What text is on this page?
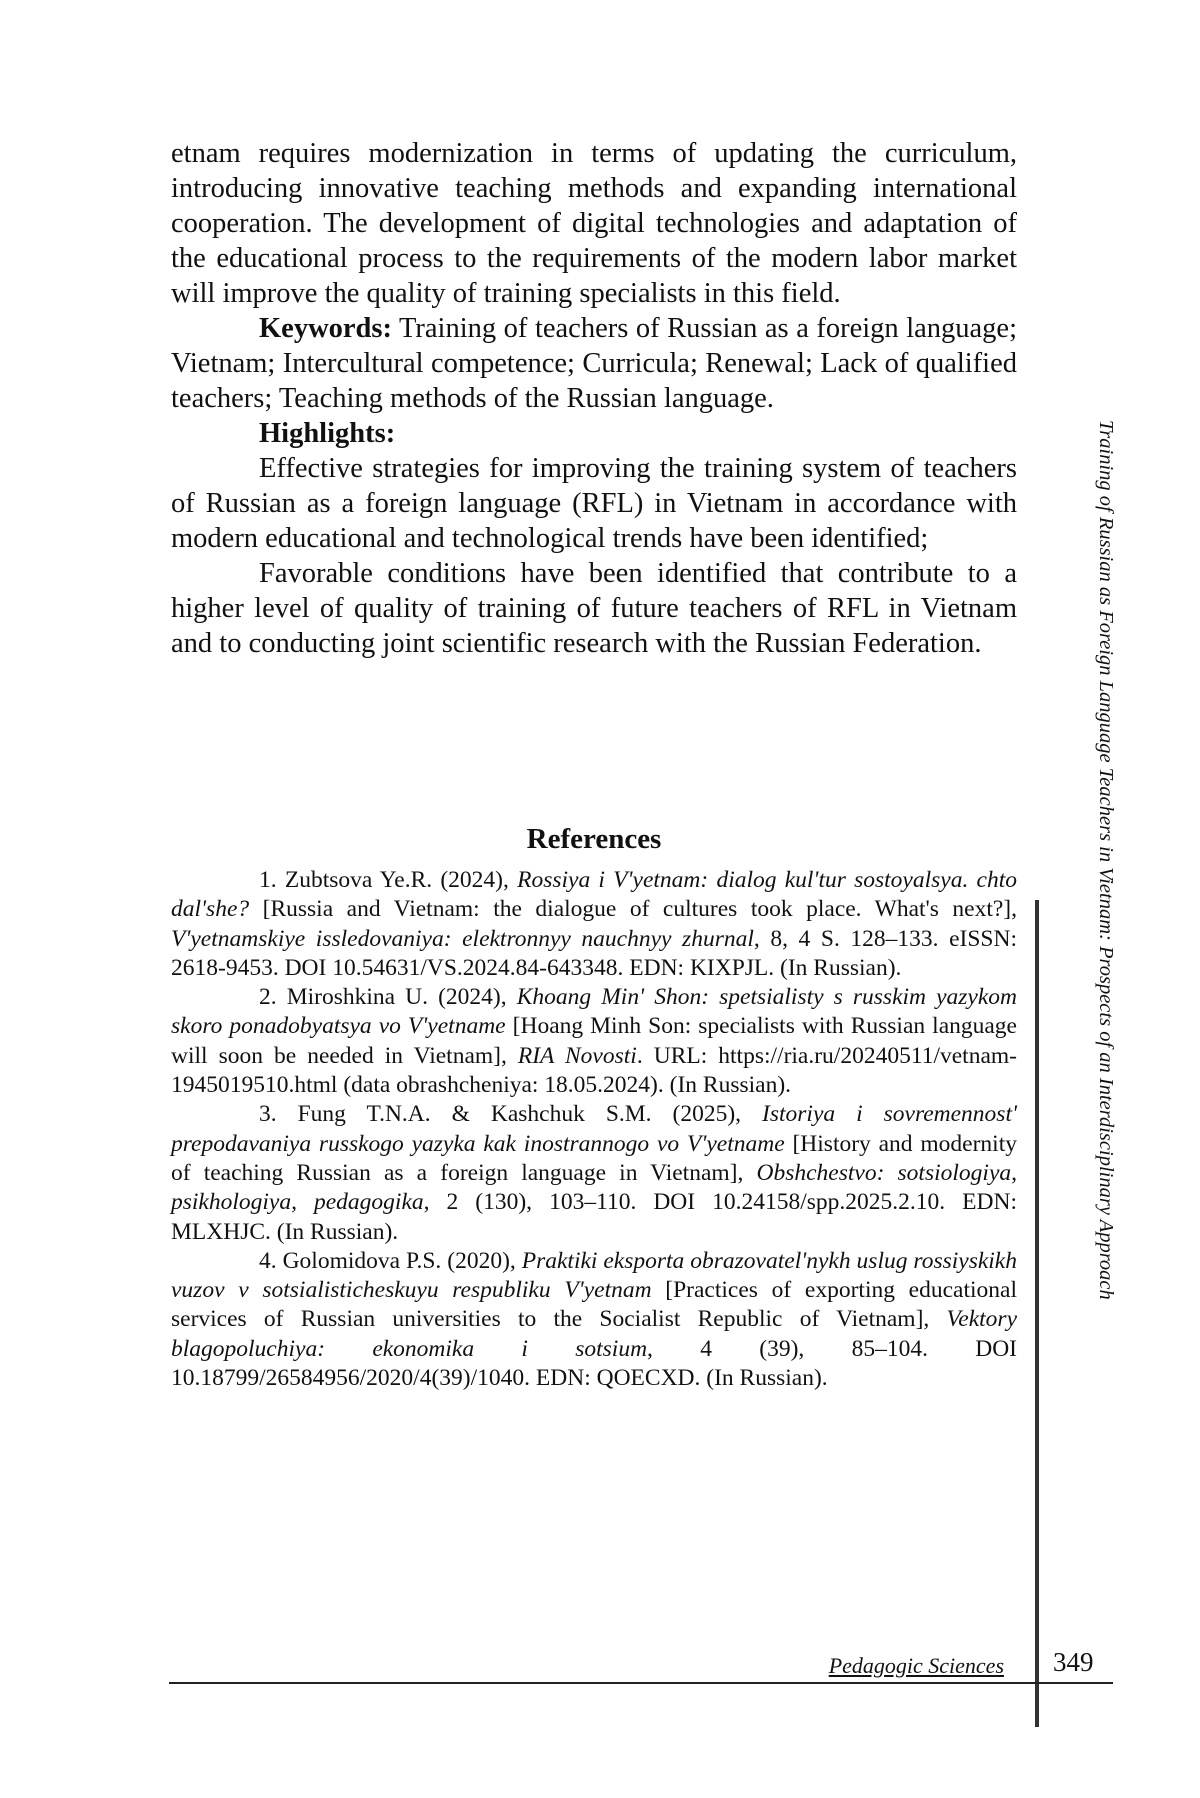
etnam requires modernization in terms of updating the curriculum, introducing innovative teaching methods and expanding international cooperation. The development of digital technologies and adaptation of the educational process to the requirements of the modern labor market will improve the quality of training specialists in this field.

Keywords: Training of teachers of Russian as a foreign language; Vietnam; Intercultural competence; Curricula; Renewal; Lack of qualified teachers; Teaching methods of the Russian language.

Highlights:

Effective strategies for improving the training system of teachers of Russian as a foreign language (RFL) in Vietnam in accordance with modern educational and technological trends have been identified;

Favorable conditions have been identified that contribute to a higher level of quality of training of future teachers of RFL in Vietnam and to conducting joint scientific research with the Russian Federation.

References

1. Zubtsova Ye.R. (2024), Rossiya i V'yetnam: dialog kul'tur sostoyalsya. chto dal'she? [Russia and Vietnam: the dialogue of cultures took place. What's next?], V'yetnamskiye issledovaniya: elektronnyy nauchnyy zhurnal, 8, 4 S. 128–133. eISSN: 2618-9453. DOI 10.54631/VS.2024.84-643348. EDN: KIXPJL. (In Russian).

2. Miroshkina U. (2024), Khoang Min' Shon: spetsialisty s russkim yazykom skoro ponadobyatsya vo V'yetname [Hoang Minh Son: specialists with Russian language will soon be needed in Vietnam], RIA Novosti. URL: https://ria.ru/20240511/vetnam-1945019510.html (data obrashcheniya: 18.05.2024). (In Russian).

3. Fung T.N.A. & Kashchuk S.M. (2025), Istoriya i sovremennost' prepodavaniya russkogo yazyka kak inostrannogo vo V'yetname [History and modernity of teaching Russian as a foreign language in Vietnam], Obshchestvo: sotsiologiya, psikhologiya, pedagogika, 2 (130), 103–110. DOI 10.24158/spp.2025.2.10. EDN: MLXHJC. (In Russian).

4. Golomidova P.S. (2020), Praktiki eksporta obrazovatel'nykh uslug rossiyskikh vuzov v sotsialisticheskuyu respubliku V'yetnam [Practices of exporting educational services of Russian universities to the Socialist Republic of Vietnam], Vektory blagopoluchiya: ekonomika i sotsium, 4 (39), 85–104. DOI 10.18799/26584956/2020/4(39)/1040. EDN: QOECXD. (In Russian).

Training of Russian as Foreign Language Teachers in Vietnam: Prospects of an Interdisciplinary Approach
Pedagogic Sciences 349
